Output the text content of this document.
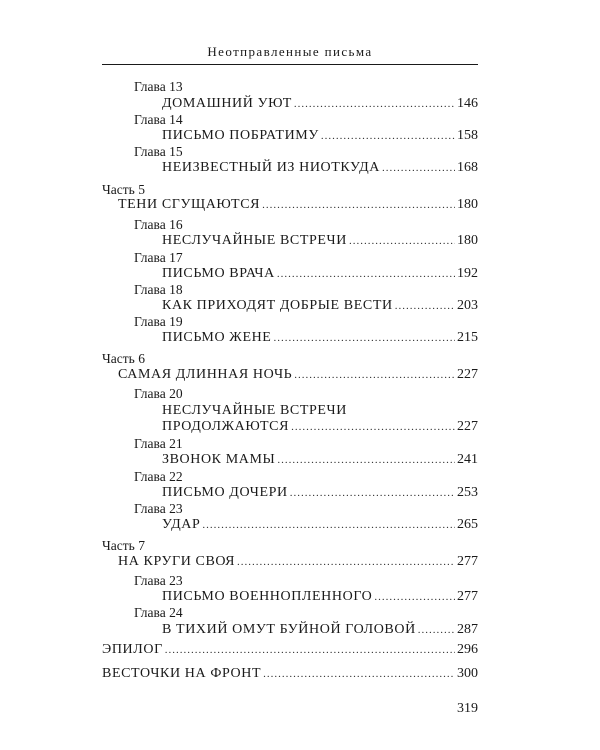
Неотправленные письма
Глава 13
ДОМАШНИЙ УЮТ .....	146
Глава 14
ПИСЬМО ПОБРАТИМУ .....	158
Глава 15
НЕИЗВЕСТНЫЙ ИЗ НИОТКУДА .....	168
Часть 5
ТЕНИ СГУЩАЮТСЯ .....	180
Глава 16
НЕСЛУЧАЙНЫЕ ВСТРЕЧИ .....	180
Глава 17
ПИСЬМО ВРАЧА .....	192
Глава 18
КАК ПРИХОДЯТ ДОБРЫЕ ВЕСТИ .....	203
Глава 19
ПИСЬМО ЖЕНЕ .....	215
Часть 6
САМАЯ ДЛИННАЯ НОЧЬ .....	227
Глава 20
НЕСЛУЧАЙНЫЕ ВСТРЕЧИ
ПРОДОЛЖАЮТСЯ .....	227
Глава 21
ЗВОНОК МАМЫ .....	241
Глава 22
ПИСЬМО ДОЧЕРИ .....	253
Глава 23
УДАР .....	265
Часть 7
НА КРУГИ СВОЯ .....	277
Глава 23
ПИСЬМО ВОЕННОПЛЕННОГО .....	277
Глава 24
В ТИХИЙ ОМУТ БУЙНОЙ ГОЛОВОЙ .....	287
ЭПИЛОГ .....	296
ВЕСТОЧКИ НА ФРОНТ .....	300
319
